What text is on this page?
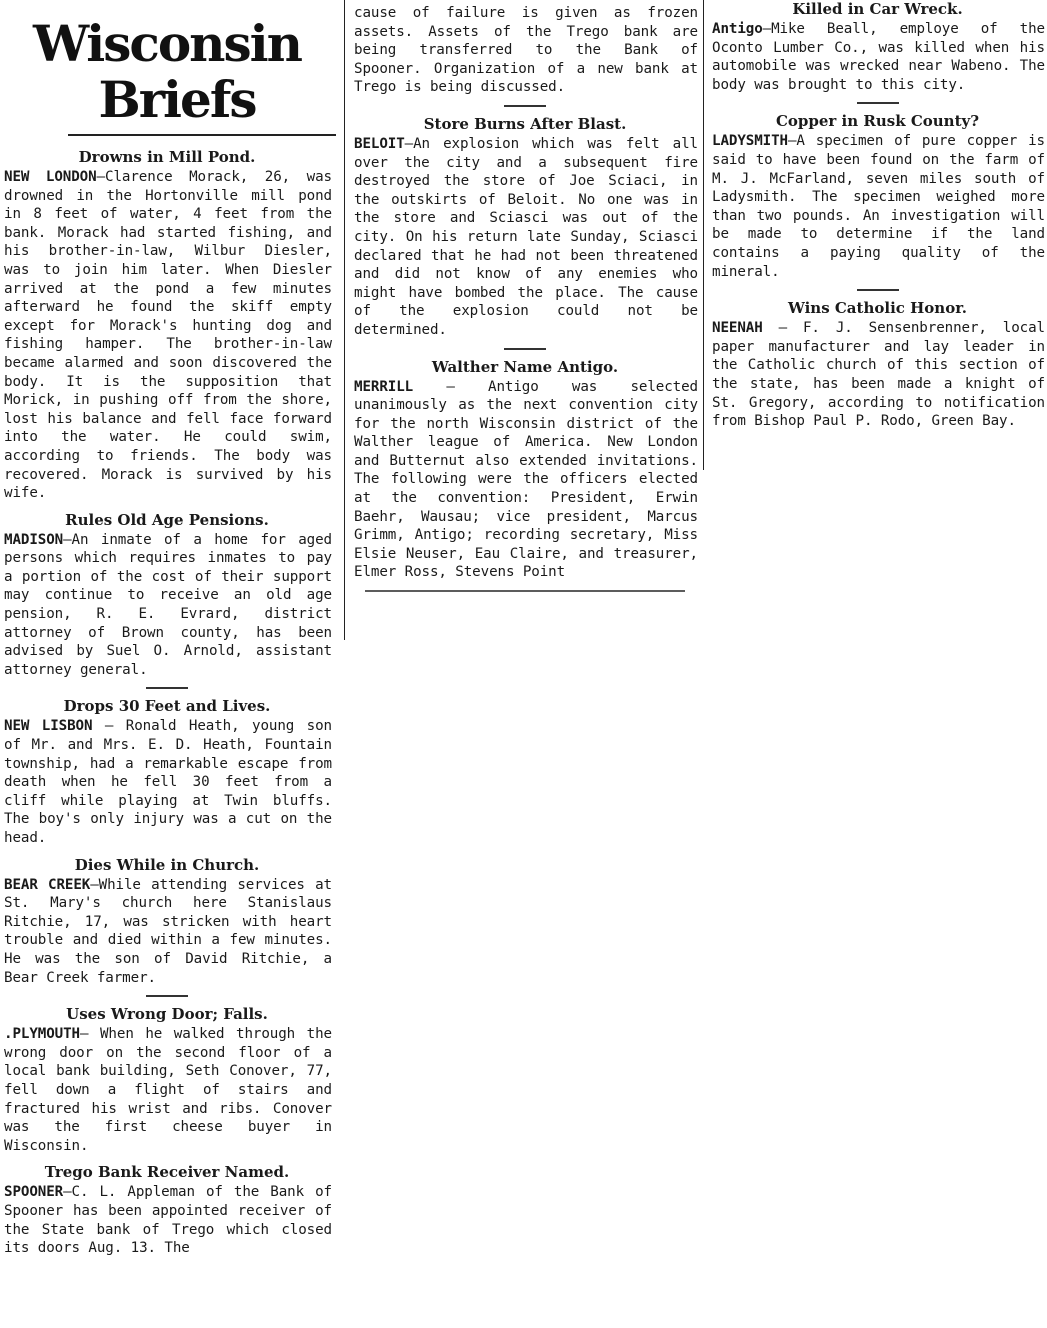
Wisconsin
Briefs
Drowns in Mill Pond.

NEW LONDON—Clarence Morack, 26, was drowned in the Hortonville mill pond in 8 feet of water, 4 feet from the bank. Morack had started fishing, and his brother-in-law, Wilbur Diesler, was to join him later. When Diesler arrived at the pond a few minutes afterward he found the skiff empty except for Morack's hunting dog and fishing hamper. The brother-in-law became alarmed and soon discovered the body. It is the supposition that Morick, in pushing off from the shore, lost his balance and fell face forward into the water. He could swim, according to friends. The body was recovered. Morack is survived by his wife.

Rules Old Age Pensions.

MADISON—An inmate of a home for aged persons which requires inmates to pay a portion of the cost of their support may continue to receive an old age pension, R. E. Evrard, district attorney of Brown county, has been advised by Suel O. Arnold, assistant attorney general.

Drops 30 Feet and Lives.

NEW LISBON — Ronald Heath, young son of Mr. and Mrs. E. D. Heath, Fountain township, had a remarkable escape from death when he fell 30 feet from a cliff while playing at Twin bluffs. The boy's only injury was a cut on the head.

Dies While in Church.

BEAR CREEK—While attending services at St. Mary's church here Stanislaus Ritchie, 17, was stricken with heart trouble and died within a few minutes. He was the son of David Ritchie, a Bear Creek farmer.

Uses Wrong Door; Falls.

.PLYMOUTH— When he walked through the wrong door on the second floor of a local bank building, Seth Conover, 77, fell down a flight of stairs and fractured his wrist and ribs. Conover was the first cheese buyer in Wisconsin.

Trego Bank Receiver Named.

SPOONER—C. L. Appleman of the Bank of Spooner has been appointed receiver of the State bank of Trego which closed its doors Aug. 13. The

cause of failure is given as frozen assets. Assets of the Trego bank are being transferred to the Bank of Spooner. Organization of a new bank at Trego is being discussed.

Store Burns After Blast.

BELOIT—An explosion which was felt all over the city and a subsequent fire destroyed the store of Joe Sciaci, in the outskirts of Beloit. No one was in the store and Sciasci was out of the city. On his return late Sunday, Sciasci declared that he had not been threatened and did not know of any enemies who might have bombed the place. The cause of the explosion could not be determined.

Walther Name Antigo.

MERRILL — Antigo was selected unanimously as the next convention city for the north Wisconsin district of the Walther league of America. New London and Butternut also extended invitations. The following were the officers elected at the convention: President, Erwin Baehr, Wausau; vice president, Marcus Grimm, Antigo; recording secretary, Miss Elsie Neuser, Eau Claire, and treasurer, Elmer Ross, Stevens Point

Killed in Car Wreck.

Antigo—Mike Beall, employe of the Oconto Lumber Co., was killed when his automobile was wrecked near Wabeno. The body was brought to this city.

Copper in Rusk County?

LADYSMITH—A specimen of pure copper is said to have been found on the farm of M. J. McFarland, seven miles south of Ladysmith. The specimen weighed more than two pounds. An investigation will be made to determine if the land contains a paying quality of the mineral.

Wins Catholic Honor.

NEENAH — F. J. Sensenbrenner, local paper manufacturer and lay leader in the Catholic church of this section of the state, has been made a knight of St. Gregory, according to notification from Bishop Paul P. Rodo, Green Bay.
